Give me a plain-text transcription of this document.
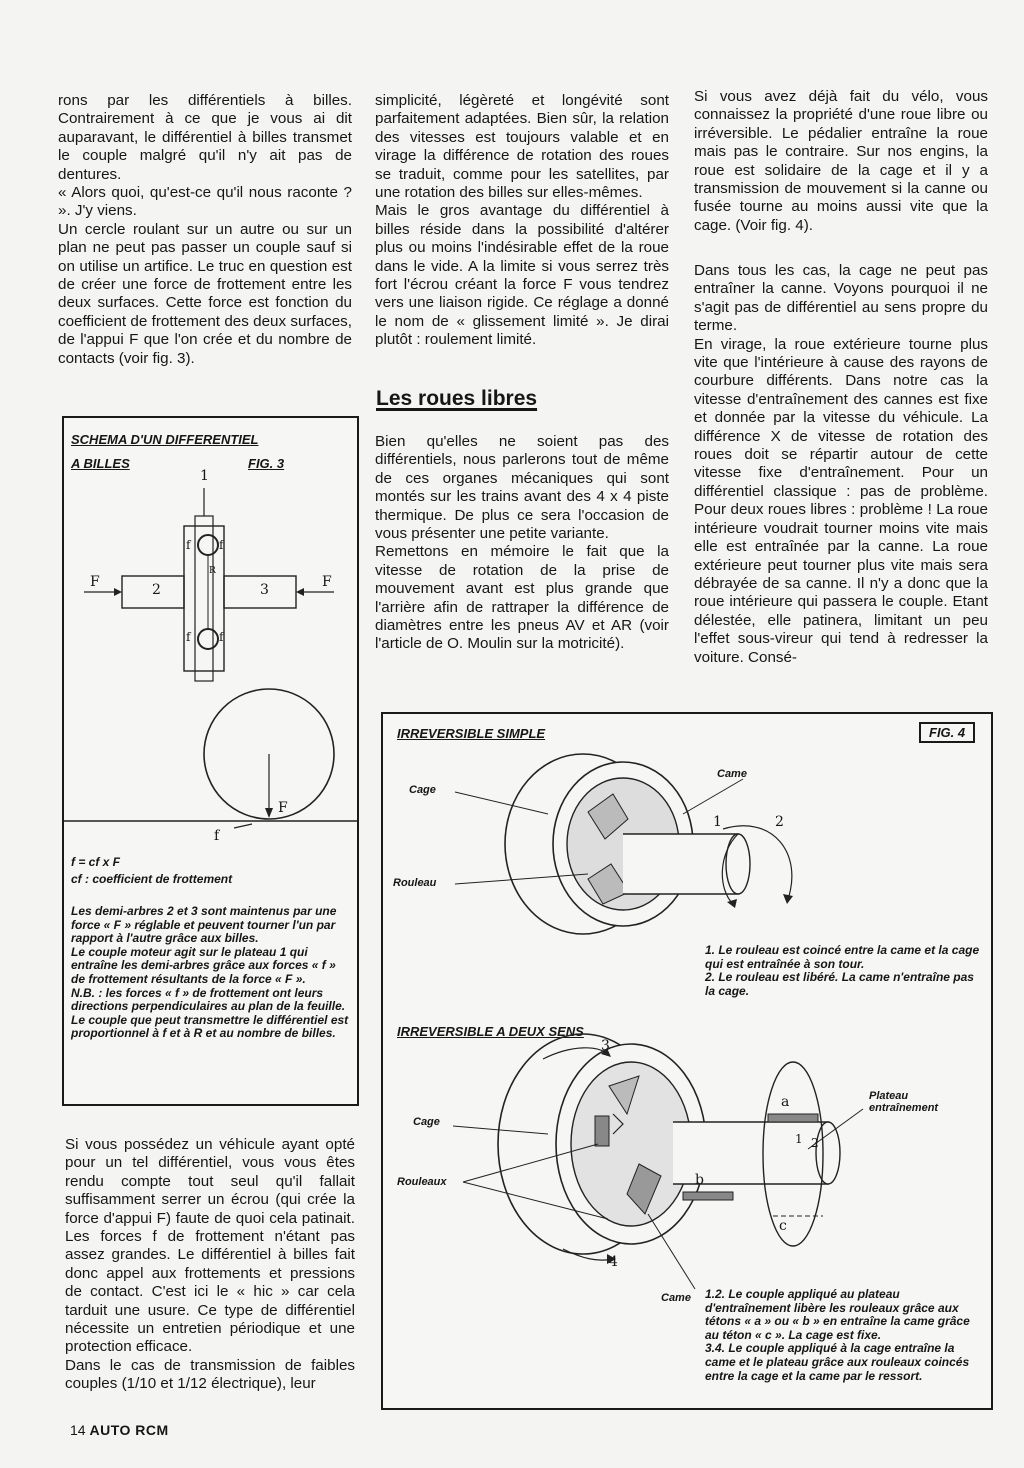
rons par les différentiels à billes. Contrairement à ce que je vous ai dit auparavant, le différentiel à billes transmet le couple malgré qu'il n'y ait pas de dentures.

« Alors quoi, qu'est-ce qu'il nous raconte ? ». J'y viens.

Un cercle roulant sur un autre ou sur un plan ne peut pas passer un couple sauf si on utilise un artifice. Le truc en question est de créer une force de frottement entre les deux surfaces. Cette force est fonction du coefficient de frottement des deux surfaces, de l'appui F que l'on crée et du nombre de contacts (voir fig. 3).

SCHEMA D'UN DIFFERENTIEL
A BILLES	FIG. 3
1
f f
R
2	3
F	F
f f
F
f
f = cf x F
cf : coefficient de frottement
Les demi-arbres 2 et 3 sont maintenus par une force « F » réglable et peuvent tourner l'un par rapport à l'autre grâce aux billes.
Le couple moteur agit sur le plateau 1 qui entraîne les demi-arbres grâce aux forces « f » de frottement résultants de la force « F ».
N.B. : les forces « f » de frottement ont leurs directions perpendiculaires au plan de la feuille. Le couple que peut transmettre le différentiel est proportionnel à f et à R et au nombre de billes.

Si vous possédez un véhicule ayant opté pour un tel différentiel, vous vous êtes rendu compte tout seul qu'il fallait suffisamment serrer un écrou (qui crée la force d'appui F) faute de quoi cela patinait. Les forces f de frottement n'étant pas assez grandes. Le différentiel à billes fait donc appel aux frottements et pressions de contact. C'est ici le « hic » car cela tarduit une usure. Ce type de différentiel nécessite un entretien périodique et une protection efficace.

Dans le cas de transmission de faibles couples (1/10 et 1/12 électrique), leur

simplicité, légèreté et longévité sont parfaitement adaptées. Bien sûr, la relation des vitesses est toujours valable et en virage la différence de rotation des roues se traduit, comme pour les satellites, par une rotation des billes sur elles-mêmes.

Mais le gros avantage du différentiel à billes réside dans la possibilité d'altérer plus ou moins l'indésirable effet de la roue dans le vide. A la limite si vous serrez très fort l'écrou créant la force F vous tendrez vers une liaison rigide. Ce réglage a donné le nom de « glissement limité ». Je dirai plutôt : roulement limité.

Les roues libres

Bien qu'elles ne soient pas des différentiels, nous parlerons tout de même de ces organes mécaniques qui sont montés sur les trains avant des 4 x 4 piste thermique. De plus ce sera l'occasion de vous présenter une petite variante.

Remettons en mémoire le fait que la vitesse de rotation de la prise de mouvement avant est plus grande que l'arrière afin de rattraper la différence de diamètres entre les pneus AV et AR (voir l'article de O. Moulin sur la motricité).

Si vous avez déjà fait du vélo, vous connaissez la propriété d'une roue libre ou irréversible. Le pédalier entraîne la roue mais pas le contraire. Sur nos engins, la roue est solidaire de la cage et il y a transmission de mouvement si la canne ou fusée tourne au moins aussi vite que la cage. (Voir fig. 4).

Dans tous les cas, la cage ne peut pas entraîner la canne. Voyons pourquoi il ne s'agit pas de différentiel au sens propre du terme.

En virage, la roue extérieure tourne plus vite que l'intérieure à cause des rayons de courbure différents. Dans notre cas la vitesse d'entraînement des cannes est fixe et donnée par la vitesse du véhicule. La différence X de vitesse de rotation des roues doit se répartir autour de cette vitesse fixe d'entraînement. Pour un différentiel classique : pas de problème. Pour deux roues libres : problème ! La roue intérieure voudrait tourner moins vite mais elle est entraînée par la canne. La roue extérieure peut tourner plus vite mais sera débrayée de sa canne. Il n'y a donc que la roue intérieure qui passera le couple. Etant délestée, elle patinera, limitant un peu l'effet sous-vireur qui tend à redresser la voiture. Consé-

IRREVERSIBLE SIMPLE	FIG. 4
IRREVERSIBLE A DEUX SENS
Cage
Came
Rouleau
1	2
1. Le rouleau est coincé entre la came et la cage qui est entraînée à son tour.
2. Le rouleau est libéré. La came n'entraîne pas la cage.
Cage
Rouleaux
Plateau
entraînement
Came
3
4
1 2
a
b
c
1.2. Le couple appliqué au plateau d'entraînement libère les rouleaux grâce aux tétons « a » ou « b » en entraîne la came grâce au téton « c ». La cage est fixe.
3.4. Le couple appliqué à la cage entraîne la came et le plateau grâce aux rouleaux coincés entre la cage et la came par le ressort.
14 AUTO RCM
